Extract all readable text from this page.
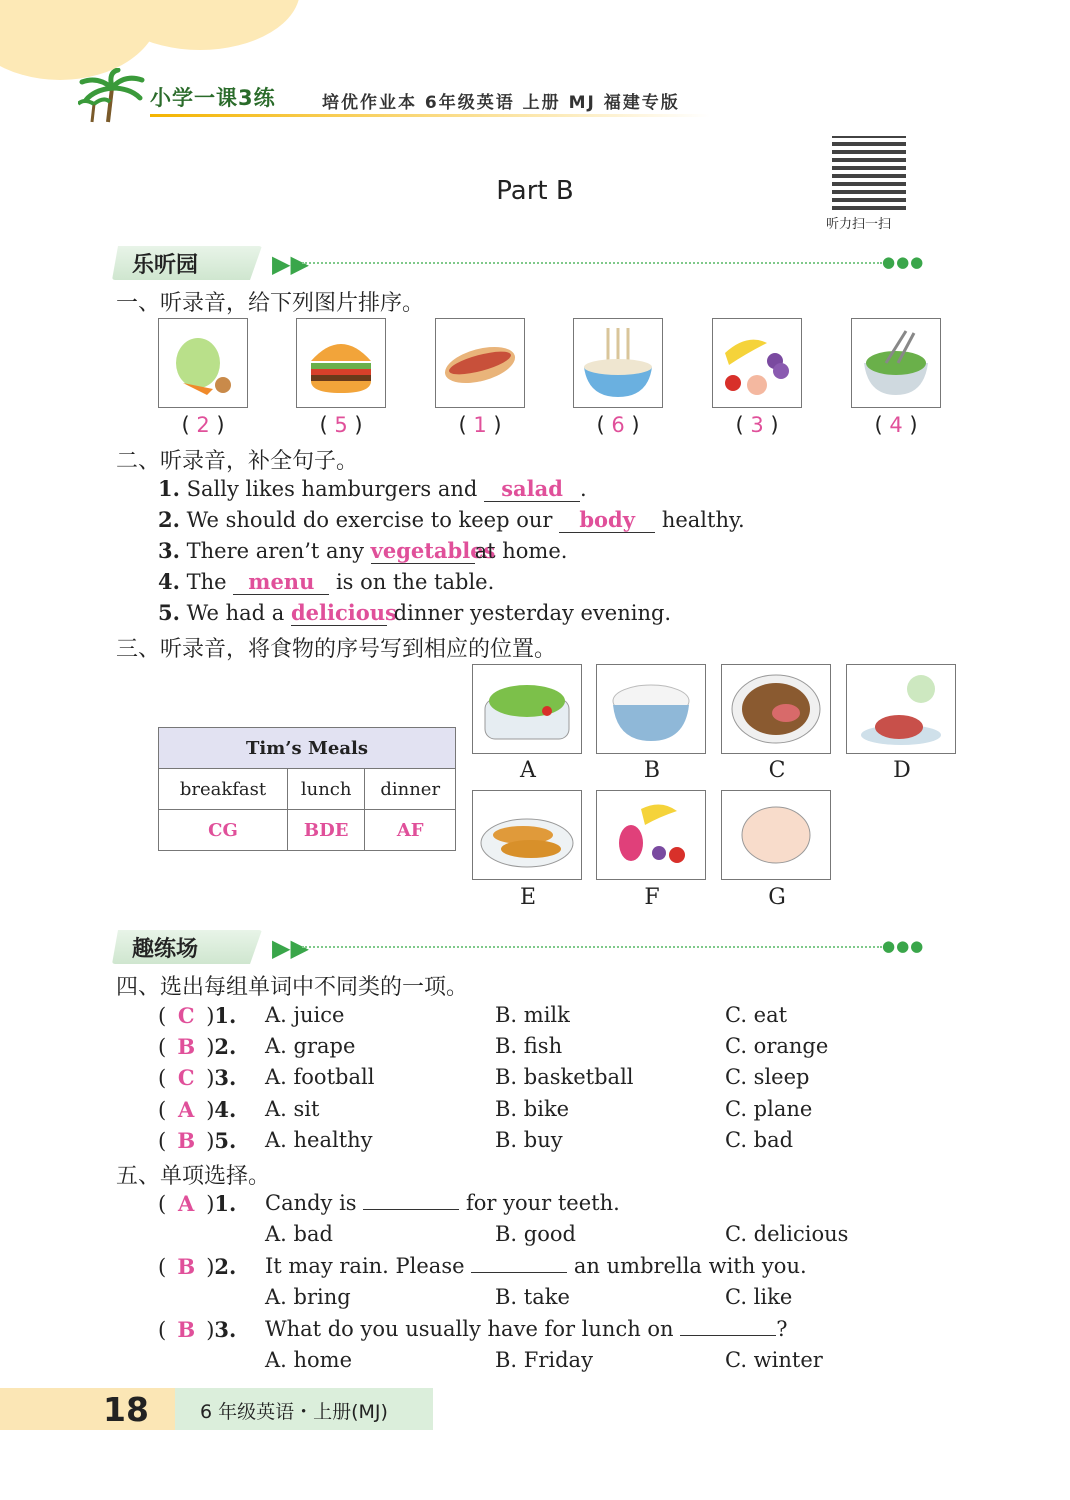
小学一课3练	培优作业本 6年级英语 上册 MJ 福建专版
Part B
听力扫一扫
乐听园	▶▶	●●●
一、听录音，给下列图片排序。
( 2 )	( 5 )	( 1 )	( 6 )	( 3 )	( 4 )
二、听录音，补全句子。
1. Sally likes hamburgers and salad .
2. We should do exercise to keep our body healthy.
3. There aren’t any vegetablesat home.
4. The menu is on the table.
5. We had a delicious dinner yesterday evening.
三、听录音，将食物的序号写到相应的位置。
Tim’s Meals		
breakfast	lunch	dinner
CG	BDE	AF
A	B	C	D
E	F	G
趣练场	▶▶	●●●
四、选出每组单词中不同类的一项。
( C )1. A. juice	B. milk	C. eat
( B )2. A. grape	B. fish	C. orange
( C )3. A. football	B. basketball	C. sleep
( A )4. A. sit	B. bike	C. plane
( B )5. A. healthy	B. buy	C. bad
五、单项选择。
( A )1. Candy is	for your teeth.
A. bad	B. good	C. delicious
( B )2. It may rain. Please	an umbrella with you.
A. bring	B. take	C. like
( B )3. What do you usually have for lunch on	?
A. home	B. Friday	C. winter
18	6 年级英语・上册(MJ)
